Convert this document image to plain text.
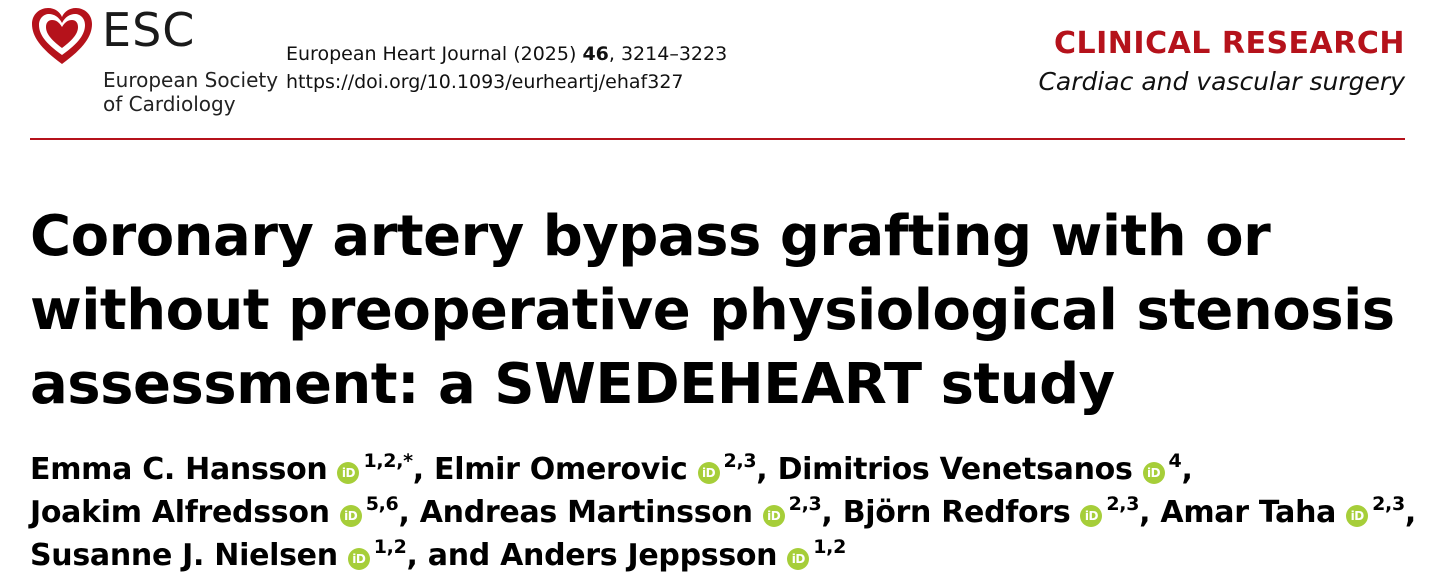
ESC
European Society
of Cardiology
European Heart Journal (2025) 46, 3214–3223
https://doi.org/10.1093/eurheartj/ehaf327
CLINICAL RESEARCH
Cardiac and vascular surgery
Coronary artery bypass grafting with or without preoperative physiological stenosis assessment: a SWEDEHEART study
Emma C. Hansson iD$^{1,2,*}$, Elmir Omerovic iD$^{2,3}$, Dimitrios Venetsanos iD$^4$, Joakim Alfredsson iD$^{5,6}$, Andreas Martinsson iD$^{2,3}$, Björn Redfors iD$^{2,3}$, Amar Taha iD$^{2,3}$, Susanne J. Nielsen iD$^{1,2}$, and Anders Jeppsson iD$^{1,2}$
